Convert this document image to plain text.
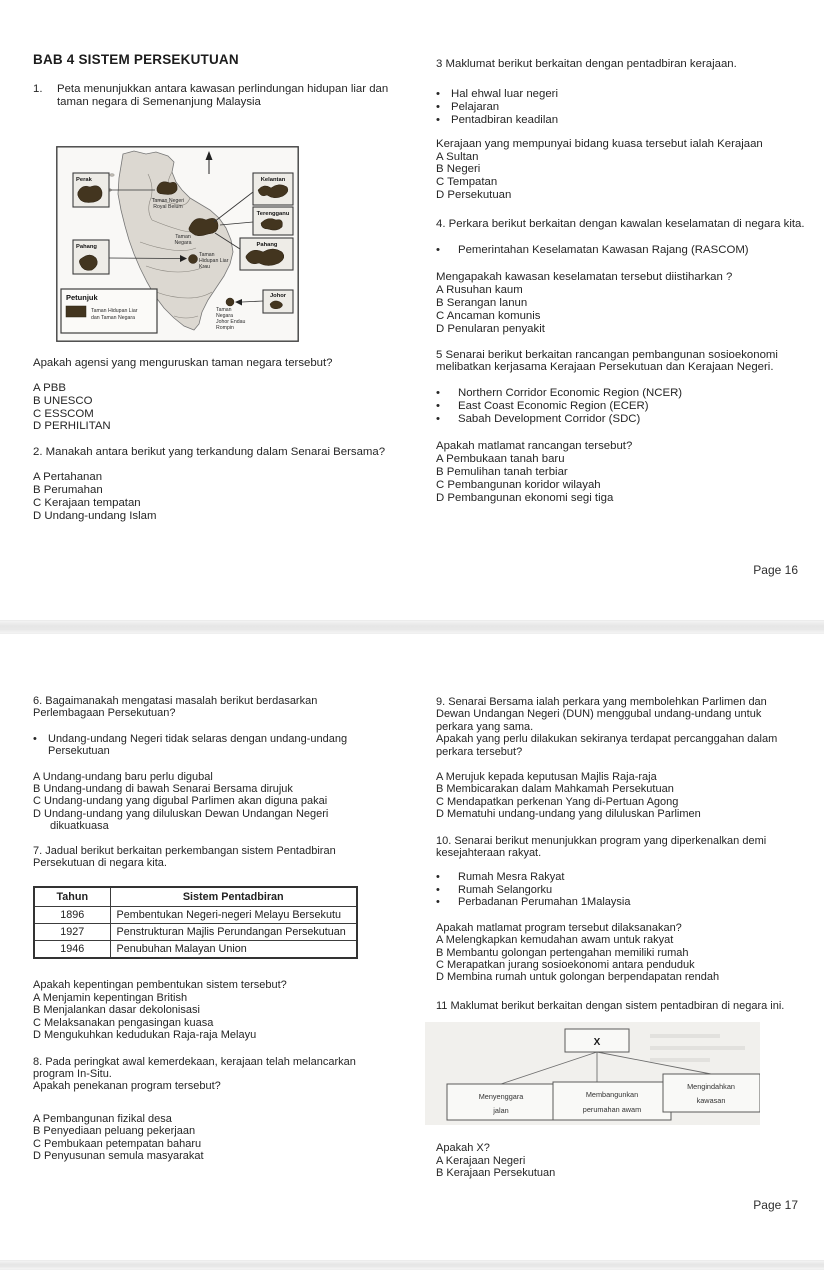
BAB 4 SISTEM PERSEKUTUAN
1. Peta menunjukkan antara kawasan perlindungan hidupan liar dan taman negara di Semenanjung Malaysia
Taman Negeri
Royal Belum
Taman
Negara
Taman
Hidupan Liar
Krau
Taman
Negara
Johor Endau
Rompin
Perak
Pahang
Kelantan
Terengganu
Pahang
Johor
Petunjuk
Taman Hidupan Liar
dan Taman Negara
Apakah agensi yang menguruskan taman negara tersebut?
A PBB
B UNESCO
C ESSCOM
D PERHILITAN
2. Manakah antara berikut yang terkandung dalam Senarai Bersama?
A Pertahanan
B Perumahan
C Kerajaan tempatan
D Undang-undang Islam
3 Maklumat berikut berkaitan dengan pentadbiran kerajaan.
• Hal ehwal luar negeri
• Pelajaran
• Pentadbiran keadilan
Kerajaan yang mempunyai bidang kuasa tersebut ialah Kerajaan
A Sultan
B Negeri
C Tempatan
D Persekutuan
4. Perkara berikut berkaitan dengan kawalan keselamatan di negara kita.
• Pemerintahan Keselamatan Kawasan Rajang (RASCOM)
Mengapakah kawasan keselamatan tersebut diistiharkan ?
A Rusuhan kaum
B Serangan lanun
C Ancaman komunis
D Penularan penyakit
5 Senarai berikut berkaitan rancangan pembangunan sosioekonomi melibatkan kerjasama Kerajaan Persekutuan dan Kerajaan Negeri.
• Northern Corridor Economic Region (NCER)
• East Coast Economic Region (ECER)
• Sabah Development Corridor (SDC)
Apakah matlamat rancangan tersebut?
A Pembukaan tanah baru
B Pemulihan tanah terbiar
C Pembangunan koridor wilayah
D Pembangunan ekonomi segi tiga
Page 16
6. Bagaimanakah mengatasi masalah berikut berdasarkan Perlembagaan Persekutuan?
• Undang-undang Negeri tidak selaras dengan undang-undang Persekutuan
A Undang-undang baru perlu digubal
B Undang-undang di bawah Senarai Bersama dirujuk
C Undang-undang yang digubal Parlimen akan diguna pakai
D Undang-undang yang diluluskan Dewan Undangan Negeri dikuatkuasa
7. Jadual berikut berkaitan perkembangan sistem Pentadbiran Persekutuan di negara kita.
Tahun	Sistem Pentadbiran
1896	Pembentukan Negeri-negeri Melayu Bersekutu
1927	Penstrukturan Majlis Perundangan Persekutuan
1946	Penubuhan Malayan Union
Apakah kepentingan pembentukan sistem tersebut?
A Menjamin kepentingan British
B Menjalankan dasar dekolonisasi
C Melaksanakan pengasingan kuasa
D Mengukuhkan kedudukan Raja-raja Melayu
8. Pada peringkat awal kemerdekaan, kerajaan telah melancarkan program In-Situ.
Apakah penekanan program tersebut?
A Pembangunan fizikal desa
B Penyediaan peluang pekerjaan
C Pembukaan petempatan baharu
D Penyusunan semula masyarakat
9. Senarai Bersama ialah perkara yang membolehkan Parlimen dan Dewan Undangan Negeri (DUN) menggubal undang-undang untuk perkara yang sama.
Apakah yang perlu dilakukan sekiranya terdapat percanggahan dalam perkara tersebut?
A Merujuk kepada keputusan Majlis Raja-raja
B Membicarakan dalam Mahkamah Persekutuan
C Mendapatkan perkenan Yang di-Pertuan Agong
D Mematuhi undang-undang yang diluluskan Parlimen
10. Senarai berikut menunjukkan program yang diperkenalkan demi kesejahteraan rakyat.
• Rumah Mesra Rakyat
• Rumah Selangorku
• Perbadanan Perumahan 1Malaysia
Apakah matlamat program tersebut dilaksanakan?
A Melengkapkan kemudahan awam untuk rakyat
B Membantu golongan pertengahan memiliki rumah
C Merapatkan jurang sosioekonomi antara penduduk
D Membina rumah untuk golongan berpendapatan rendah
11 Maklumat berikut berkaitan dengan sistem pentadbiran di negara ini.
X
Menyenggara
jalan
Membangunkan
perumahan awam
Mengindahkan
kawasan
Apakah X?
A Kerajaan Negeri
B Kerajaan Persekutuan
Page 17
